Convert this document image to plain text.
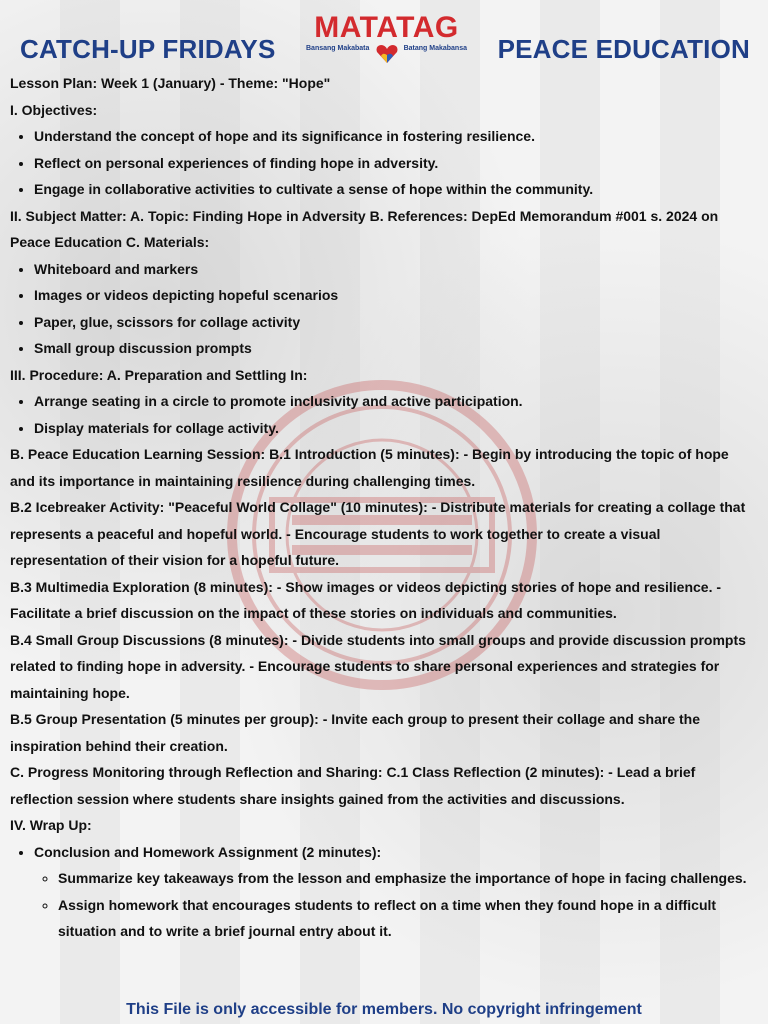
CATCH-UP FRIDAYS
MATATAG
Bansang Makabata	Batang Makabansa PEACE EDUCATION

Lesson Plan: Week 1 (January) - Theme: "Hope"

I. Objectives:

• Understand the concept of hope and its significance in fostering resilience.
• Reflect on personal experiences of finding hope in adversity.
• Engage in collaborative activities to cultivate a sense of hope within the community.

II. Subject Matter: A. Topic: Finding Hope in Adversity B. References: DepEd Memorandum #001 s. 2024 on Peace Education C. Materials:

• Whiteboard and markers
• Images or videos depicting hopeful scenarios
• Paper, glue, scissors for collage activity
• Small group discussion prompts

III. Procedure: A. Preparation and Settling In:

• Arrange seating in a circle to promote inclusivity and active participation.
• Display materials for collage activity.

B. Peace Education Learning Session: B.1 Introduction (5 minutes): - Begin by introducing the topic of hope and its importance in maintaining resilience during challenging times.

B.2 Icebreaker Activity: "Peaceful World Collage" (10 minutes): - Distribute materials for creating a collage that represents a peaceful and hopeful world. - Encourage students to work together to create a visual representation of their vision for a hopeful future.

B.3 Multimedia Exploration (8 minutes): - Show images or videos depicting stories of hope and resilience. - Facilitate a brief discussion on the impact of these stories on individuals and communities.

B.4 Small Group Discussions (8 minutes): - Divide students into small groups and provide discussion prompts related to finding hope in adversity. - Encourage students to share personal experiences and strategies for maintaining hope.

B.5 Group Presentation (5 minutes per group): - Invite each group to present their collage and share the inspiration behind their creation.

C. Progress Monitoring through Reflection and Sharing: C.1 Class Reflection (2 minutes): - Lead a brief reflection session where students share insights gained from the activities and discussions.

IV. Wrap Up:

• Conclusion and Homework Assignment (2 minutes):
◦ Summarize key takeaways from the lesson and emphasize the importance of hope in facing challenges.
◦ Assign homework that encourages students to reflect on a time when they found hope in a difficult situation and to write a brief journal entry about it.

This File is only accessible for members. No copyright infringement
